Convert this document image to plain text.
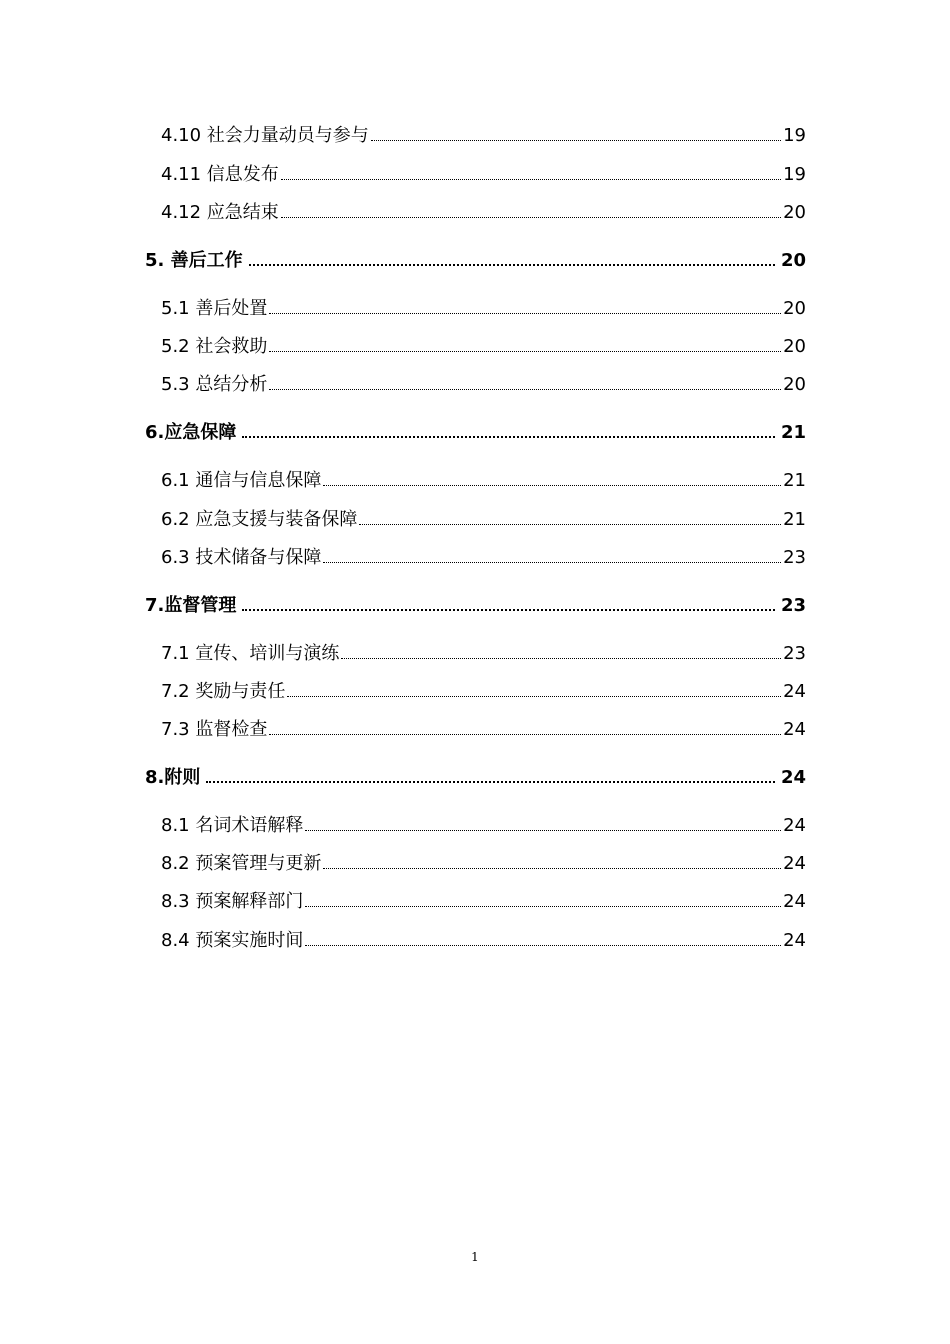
4.10 社会力量动员与参与	19
4.11 信息发布	19
4.12 应急结束	20
5. 善后工作	20
5.1 善后处置	20
5.2 社会救助	20
5.3 总结分析	20
6.应急保障	21
6.1 通信与信息保障	21
6.2 应急支援与装备保障	21
6.3 技术储备与保障	23
7.监督管理	23
7.1 宣传、培训与演练	23
7.2 奖励与责任	24
7.3 监督检查	24
8.附则	24
8.1 名词术语解释	24
8.2 预案管理与更新	24
8.3 预案解释部门	24
8.4 预案实施时间	24
1
